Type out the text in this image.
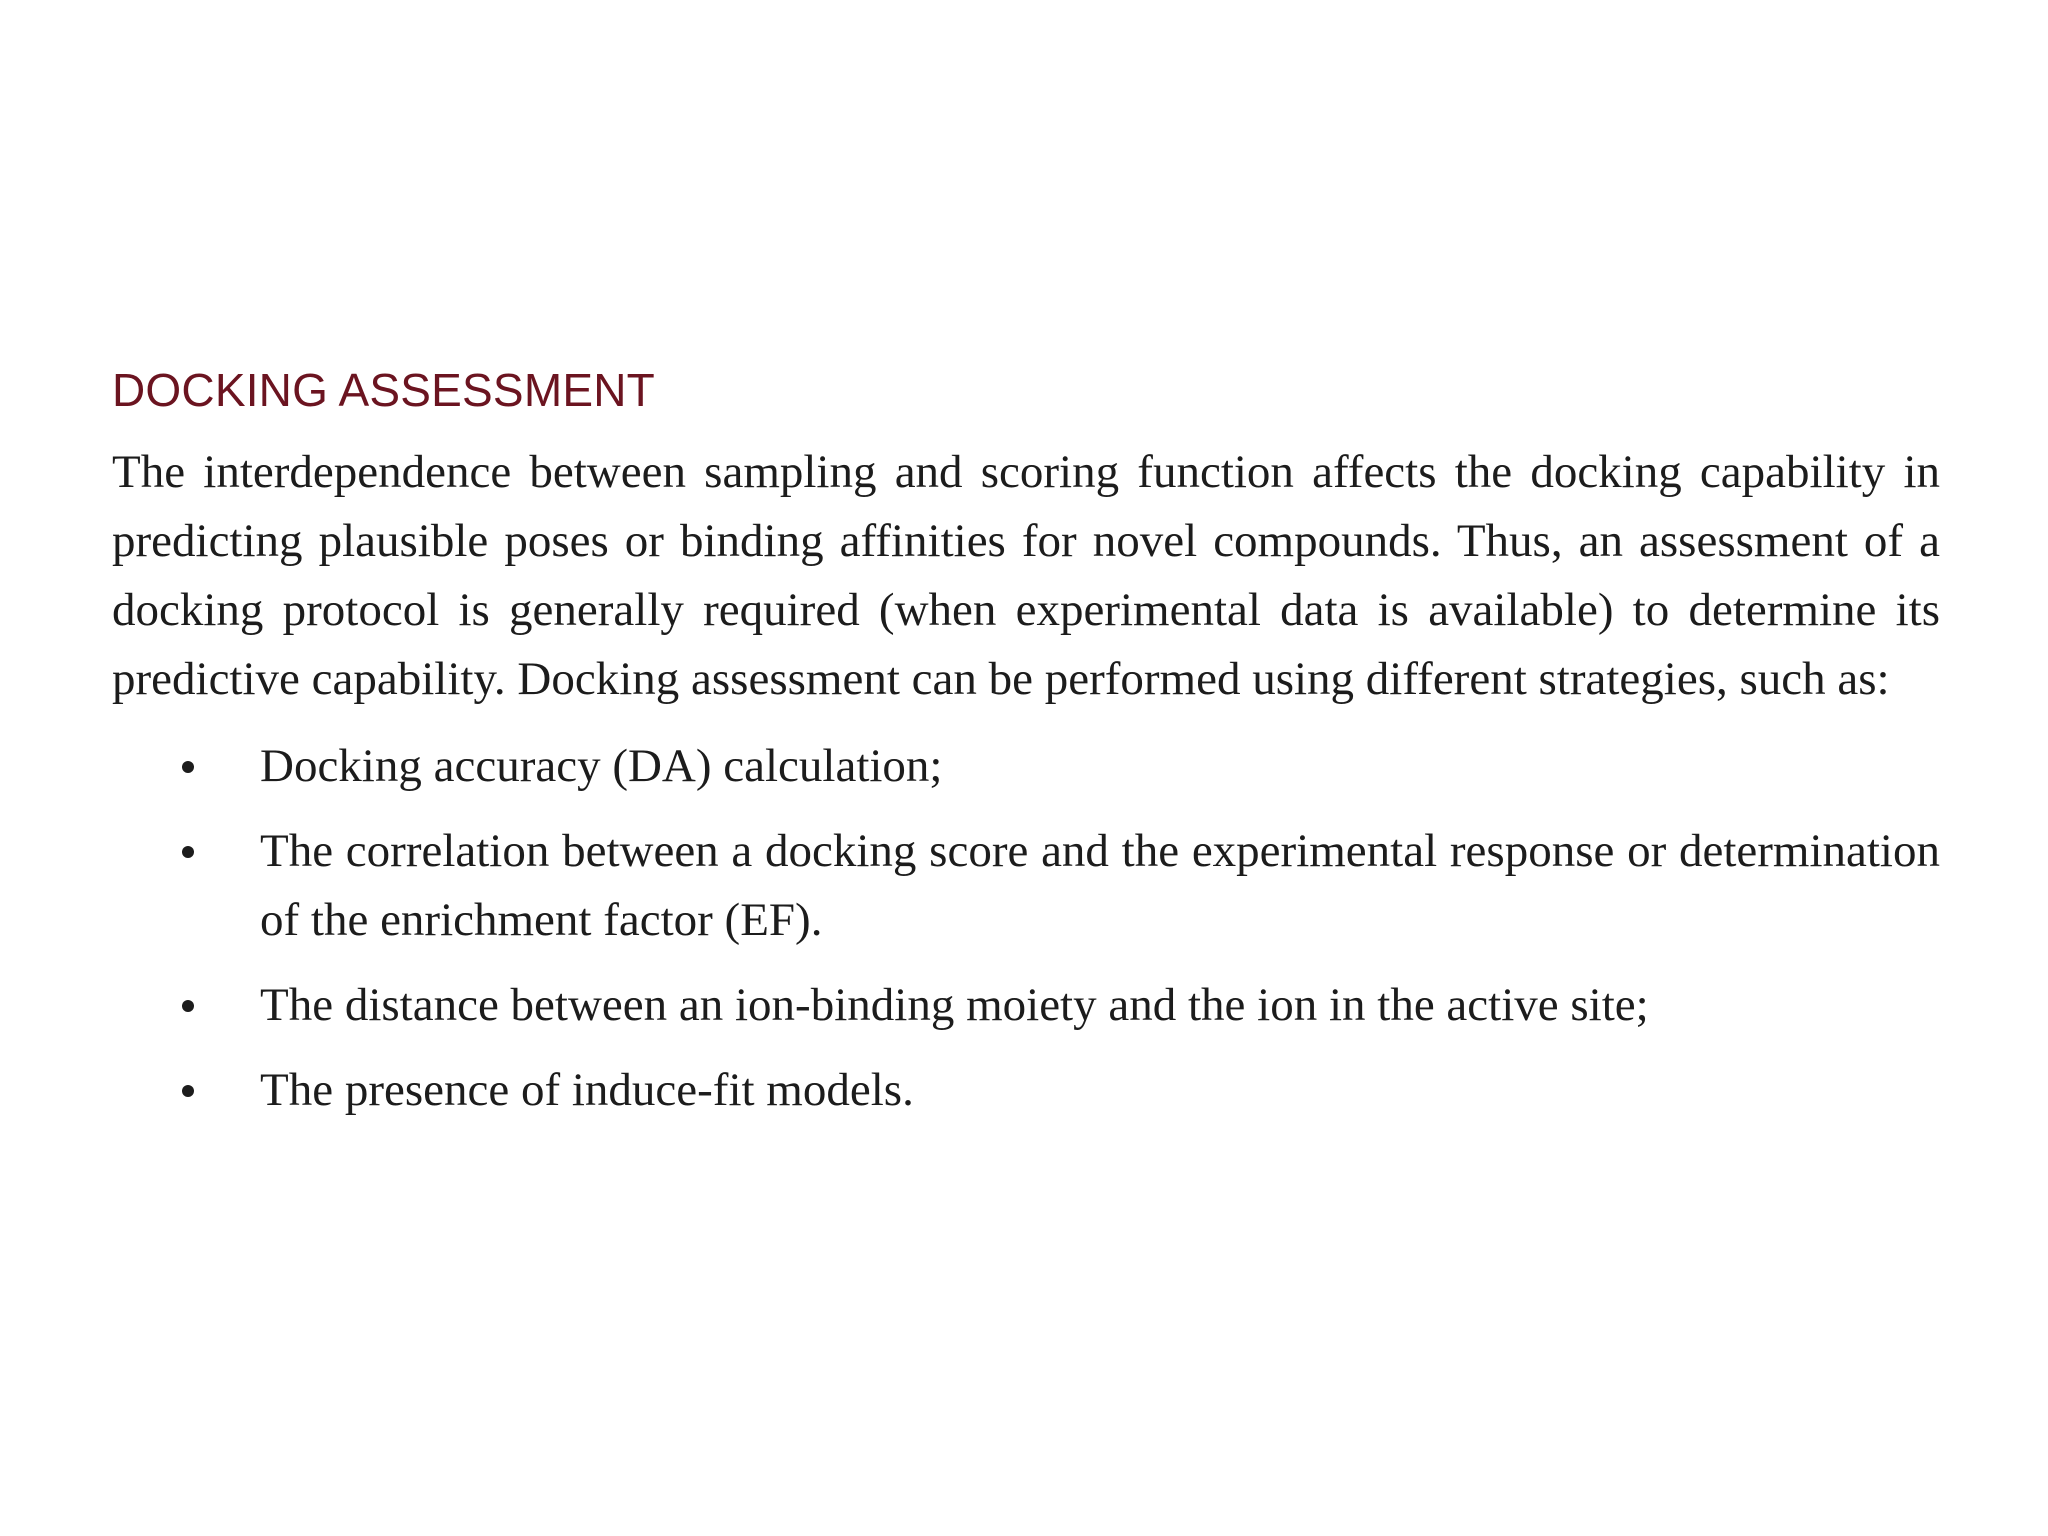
DOCKING ASSESSMENT

The interdependence between sampling and scoring function affects the docking capability in predicting plausible poses or binding affinities for novel compounds. Thus, an assessment of a docking protocol is generally required (when experimental data is available) to determine its predictive capability. Docking assessment can be performed using different strategies, such as:

Docking accuracy (DA) calculation;
The correlation between a docking score and the experimental response or determination of the enrichment factor (EF).
The distance between an ion-binding moiety and the ion in the active site;
The presence of induce-fit models.
